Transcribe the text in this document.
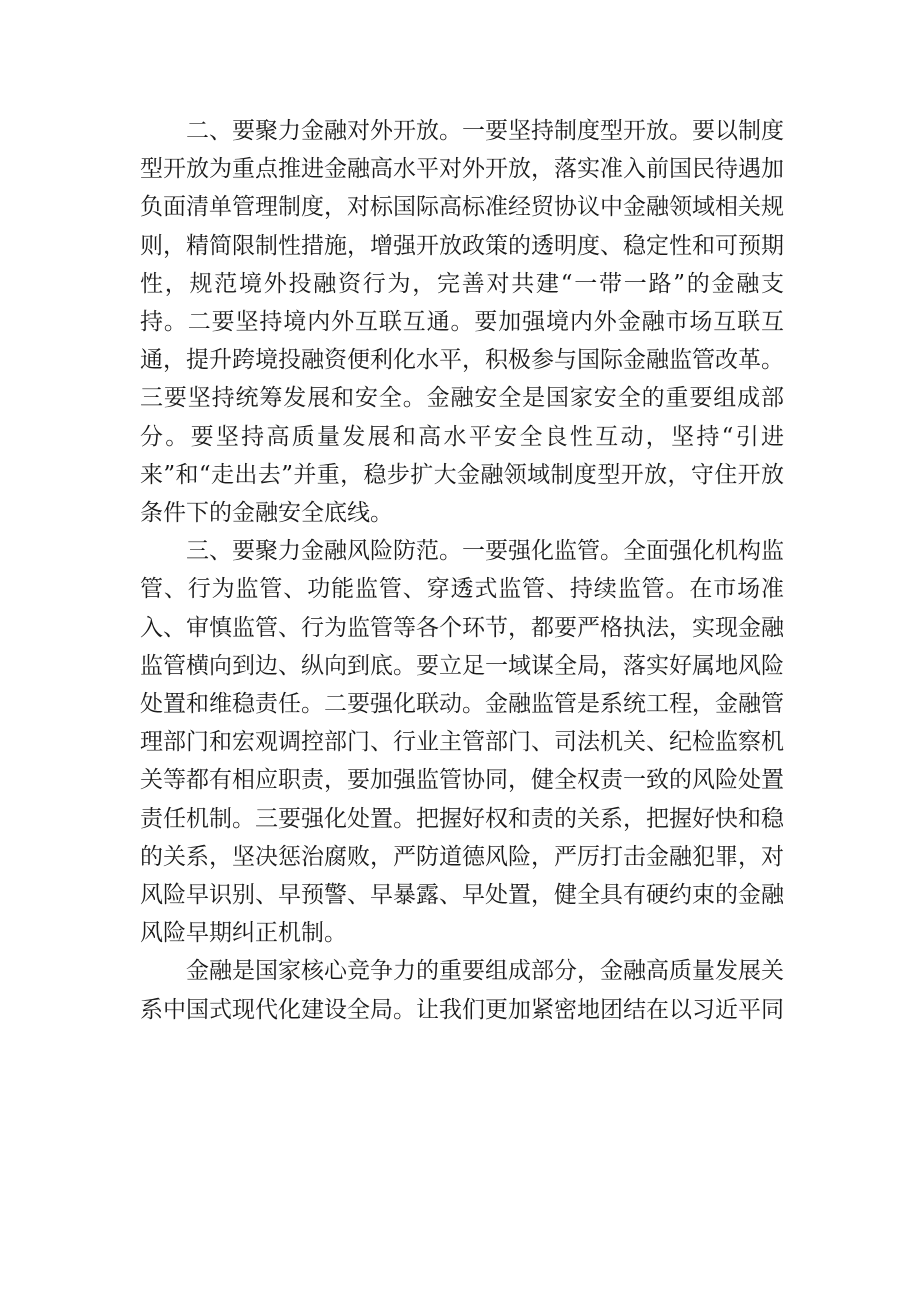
二、要聚力金融对外开放。一要坚持制度型开放。要以制度型开放为重点推进金融高水平对外开放，落实准入前国民待遇加负面清单管理制度，对标国际高标准经贸协议中金融领域相关规则，精简限制性措施，增强开放政策的透明度、稳定性和可预期性，规范境外投融资行为，完善对共建“一带一路”的金融支持。二要坚持境内外互联互通。要加强境内外金融市场互联互通，提升跨境投融资便利化水平，积极参与国际金融监管改革。三要坚持统筹发展和安全。金融安全是国家安全的重要组成部分。要坚持高质量发展和高水平安全良性互动，坚持“引进来”和“走出去”并重，稳步扩大金融领域制度型开放，守住开放条件下的金融安全底线。

三、要聚力金融风险防范。一要强化监管。全面强化机构监管、行为监管、功能监管、穿透式监管、持续监管。在市场准入、审慎监管、行为监管等各个环节，都要严格执法，实现金融监管横向到边、纵向到底。要立足一域谋全局，落实好属地风险处置和维稳责任。二要强化联动。金融监管是系统工程，金融管理部门和宏观调控部门、行业主管部门、司法机关、纪检监察机关等都有相应职责，要加强监管协同，健全权责一致的风险处置责任机制。三要强化处置。把握好权和责的关系，把握好快和稳的关系，坚决惩治腐败，严防道德风险，严厉打击金融犯罪，对风险早识别、早预警、早暴露、早处置，健全具有硬约束的金融风险早期纠正机制。

金融是国家核心竞争力的重要组成部分，金融高质量发展关系中国式现代化建设全局。让我们更加紧密地团结在以习近平同
